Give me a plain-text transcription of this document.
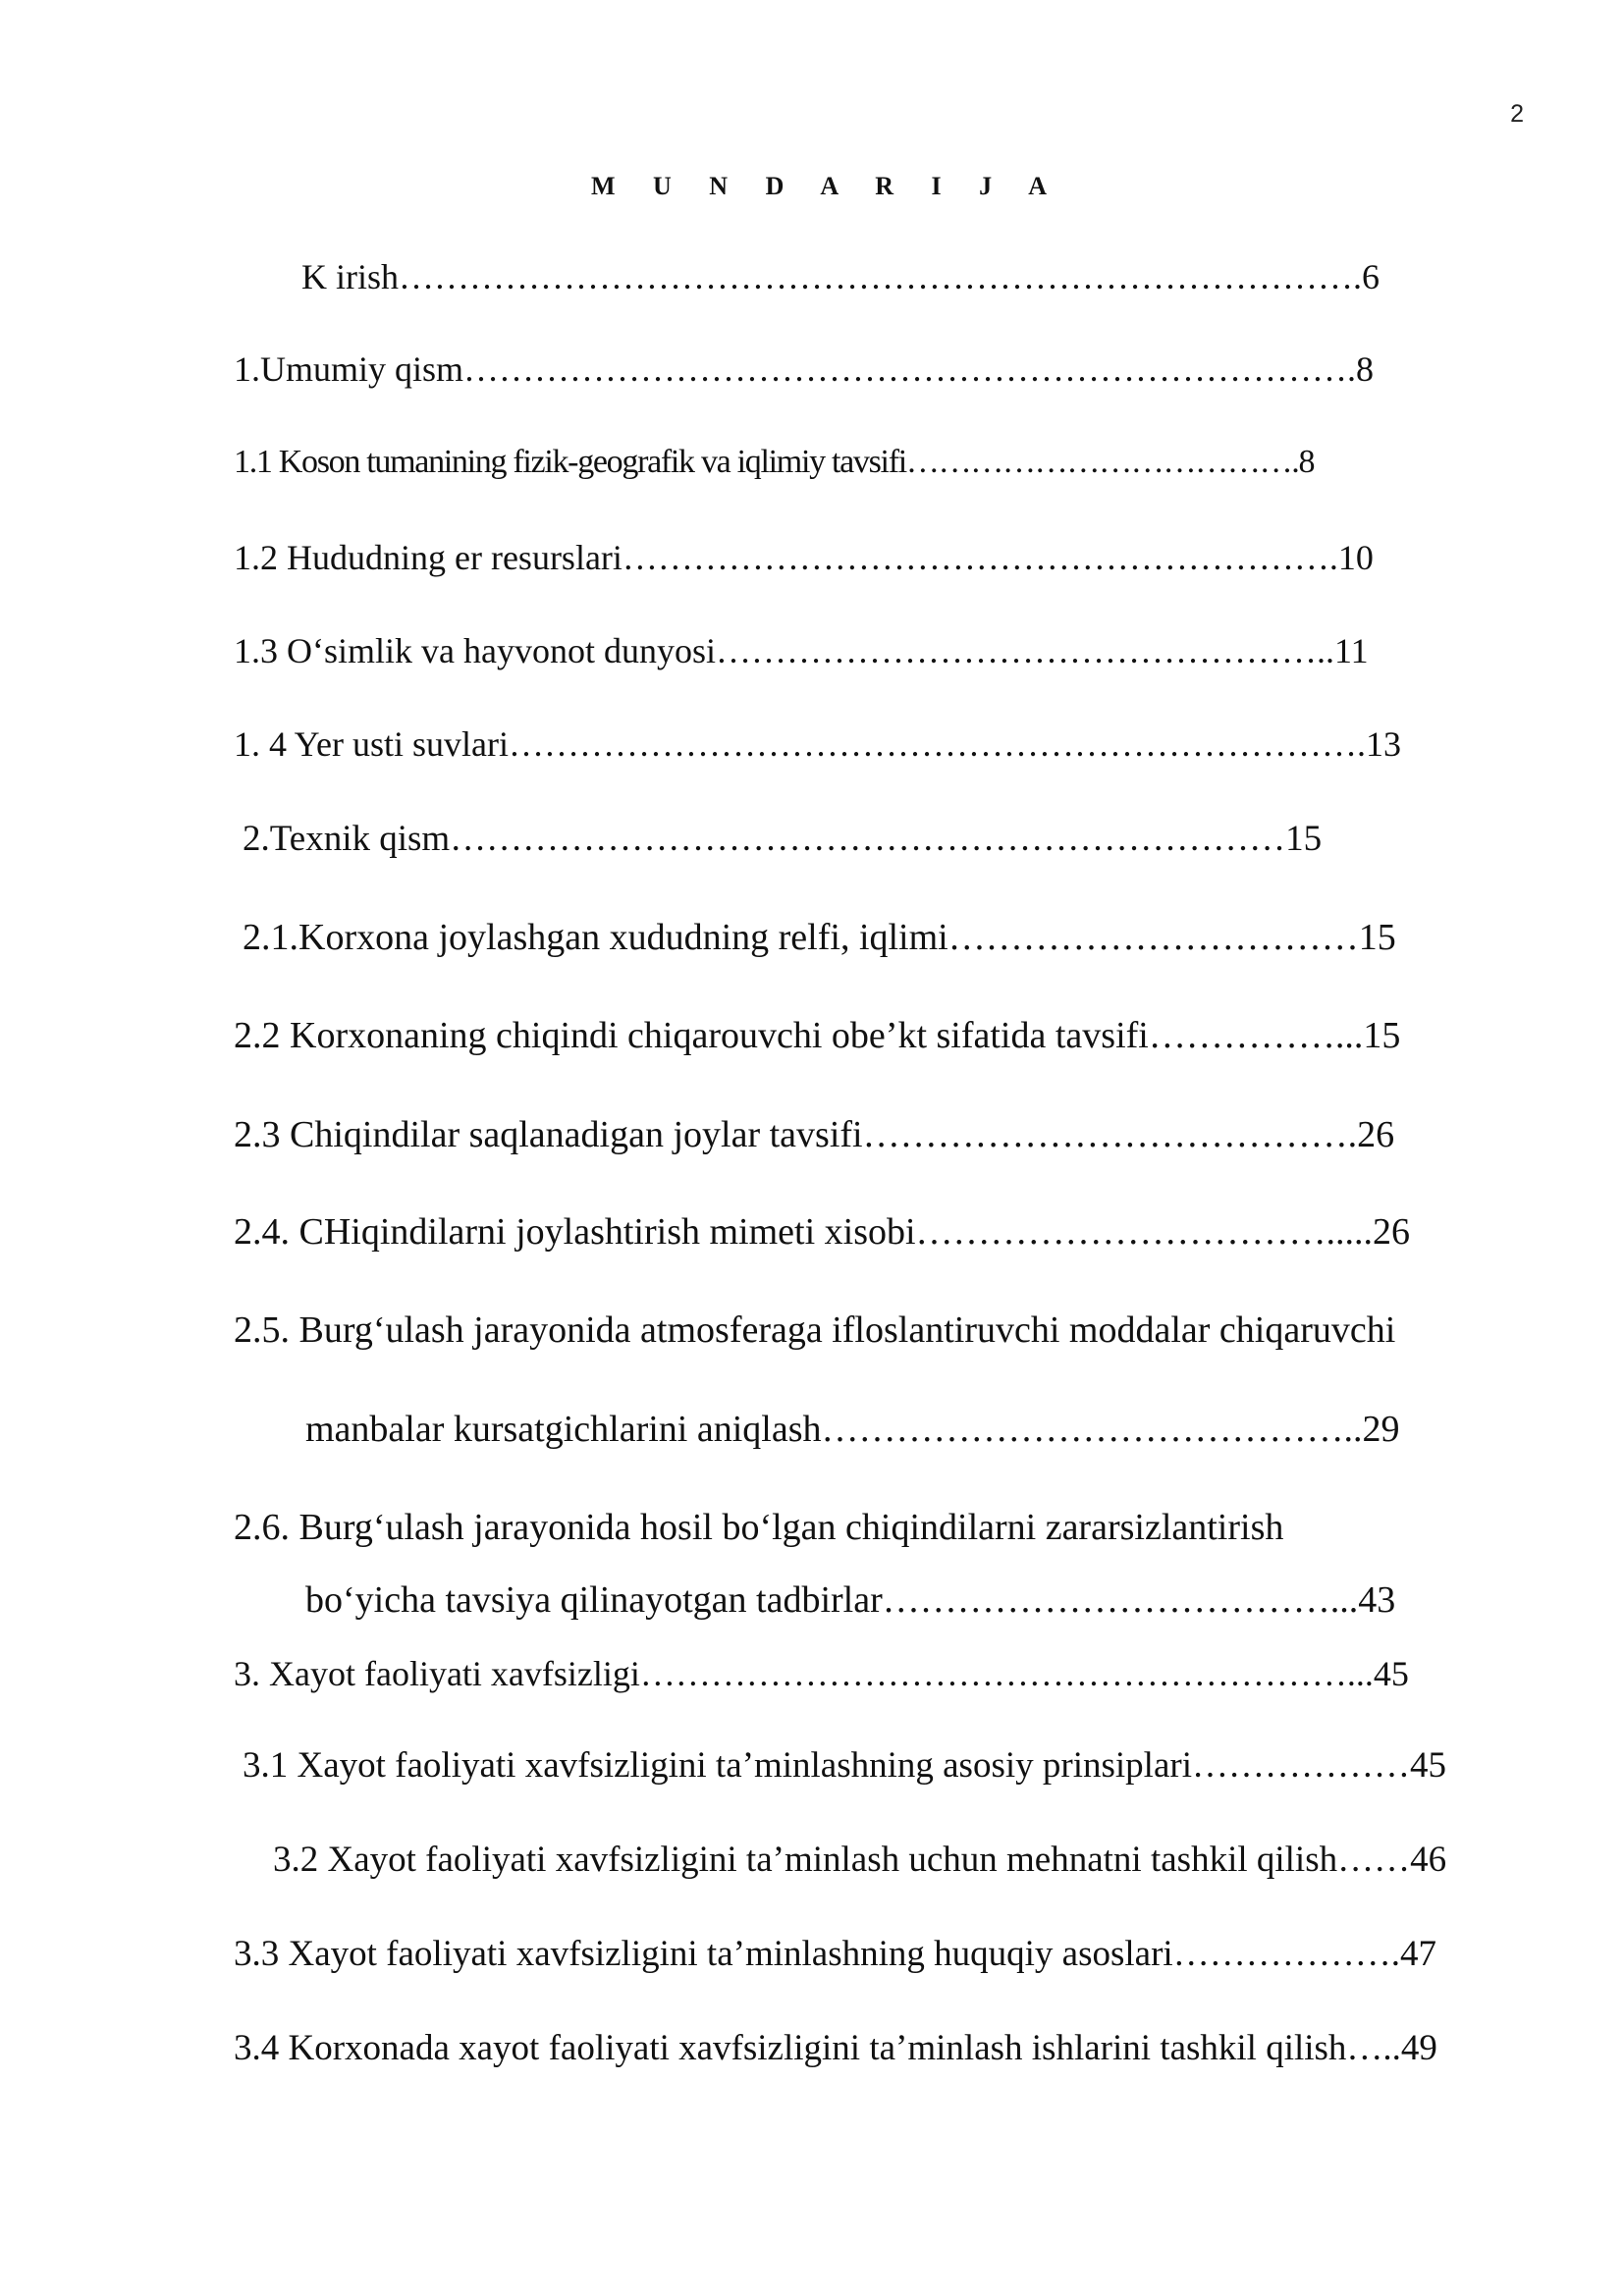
2
M U N D A R I J A
K irish……………………………………………………………………….6
1.Umumiy qism………………………………………………………………….8
1.1 Koson tumanining fizik-geografik va iqlimiy tavsifi……………………………….8
1.2 Hududning er resurslari…………………………………………………….10
1.3 O‘simlik va hayvonot dunyosi……………………………………………..11
1. 4 Yer usti suvlari……………………………………………………………….13
2.Texnik qism……………………………………………………………15
2.1.Korxona joylashgan xududning relfi, iqlimi……………………………15
2.2 Korxonaning chiqindi chiqarouvchi obe’kt sifatida tavsifi……………...15
2.3 Chiqindilar saqlanadigan joylar tavsifi………………………………….26
2.4. CHiqindilarni joylashtirish mimeti xisobi…………………………….....26
2.5. Burg‘ulash jarayonida atmosferaga ifloslantiruvchi moddalar chiqaruvchi
manbalar kursatgichlarini aniqlash……………………………………..29
2.6. Burg‘ulash jarayonida hosil bo‘lgan chiqindilarni zararsizlantirish
bo‘yicha tavsiya qilinayotgan tadbirlar………………………………...43
3. Xayot faoliyati xavfsizligi……………………………………………………...45
3.1 Xayot faoliyati xavfsizligini ta’minlashning asosiy prinsiplari………………45
3.2 Xayot faoliyati xavfsizligini ta’minlash uchun mehnatni tashkil qilish……46
3.3 Xayot faoliyati xavfsizligini ta’minlashning huquqiy asoslari……………….47
3.4 Korxonada xayot faoliyati xavfsizligini ta’minlash ishlarini tashkil qilish…..49
